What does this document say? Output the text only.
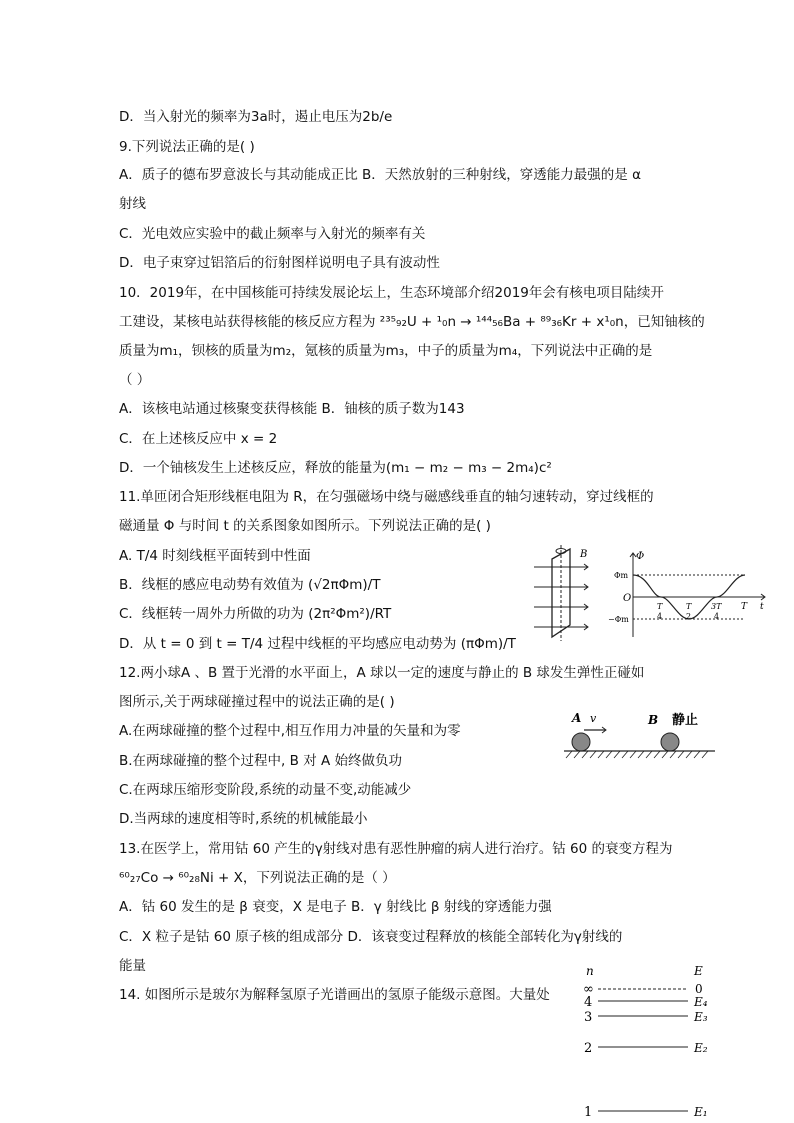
D．当入射光的频率为3a时，遏止电压为2b/e
9.下列说法正确的是( )
A．质子的德布罗意波长与其动能成正比 B．天然放射的三种射线，穿透能力最强的是 α
射线
C．光电效应实验中的截止频率与入射光的频率有关
D．电子束穿过铝箔后的衍射图样说明电子具有波动性
10．2019年，在中国核能可持续发展论坛上，生态环境部介绍2019年会有核电项目陆续开
工建设，某核电站获得核能的核反应方程为 ²³⁵₉₂U + ¹₀n → ¹⁴⁴₅₆Ba + ⁸⁹₃₆Kr + x¹₀n，已知铀核的
质量为m₁，钡核的质量为m₂，氪核的质量为m₃，中子的质量为m₄，下列说法中正确的是
（ ）
A．该核电站通过核聚变获得核能 B．铀核的质子数为143
C．在上述核反应中 x = 2
D．一个铀核发生上述核反应，释放的能量为(m₁ − m₂ − m₃ − 2m₄)c²
11.单匝闭合矩形线框电阻为 R，在匀强磁场中绕与磁感线垂直的轴匀速转动，穿过线框的
磁通量 Φ 与时间 t 的关系图象如图所示。下列说法正确的是( )
A. T/4 时刻线框平面转到中性面
B．线框的感应电动势有效值为 (√2πΦm)/T
C．线框转一周外力所做的功为 (2π²Φm²)/RT
D．从 t = 0 到 t = T/4 过程中线框的平均感应电动势为 (πΦm)/T
12.两小球A 、B 置于光滑的水平面上，A 球以一定的速度与静止的 B 球发生弹性正碰如
图所示,关于两球碰撞过程中的说法正确的是( )
A.在两球碰撞的整个过程中,相互作用力冲量的矢量和为零
B.在两球碰撞的整个过程中, B 对 A 始终做负功
C.在两球压缩形变阶段,系统的动量不变,动能减少
D.当两球的速度相等时,系统的机械能最小
13.在医学上，常用钴 60 产生的γ射线对患有恶性肿瘤的病人进行治疗。钴 60 的衰变方程为
⁶⁰₂₇Co → ⁶⁰₂₈Ni + X，下列说法正确的是（ ）
A．钴 60 发生的是 β 衰变，X 是电子 B．γ 射线比 β 射线的穿透能力强
C．X 粒子是钴 60 原子核的组成部分 D．该衰变过程释放的核能全部转化为γ射线的
能量
14. 如图所示是玻尔为解释氢原子光谱画出的氢原子能级示意图。大量处
B	Φ
Φm
O
−Φm
T
4
T
2
3T
4
T t
A v	B 静止
n	E
∞	0
4	E₄
3	E₃
2	E₂
1	E₁
